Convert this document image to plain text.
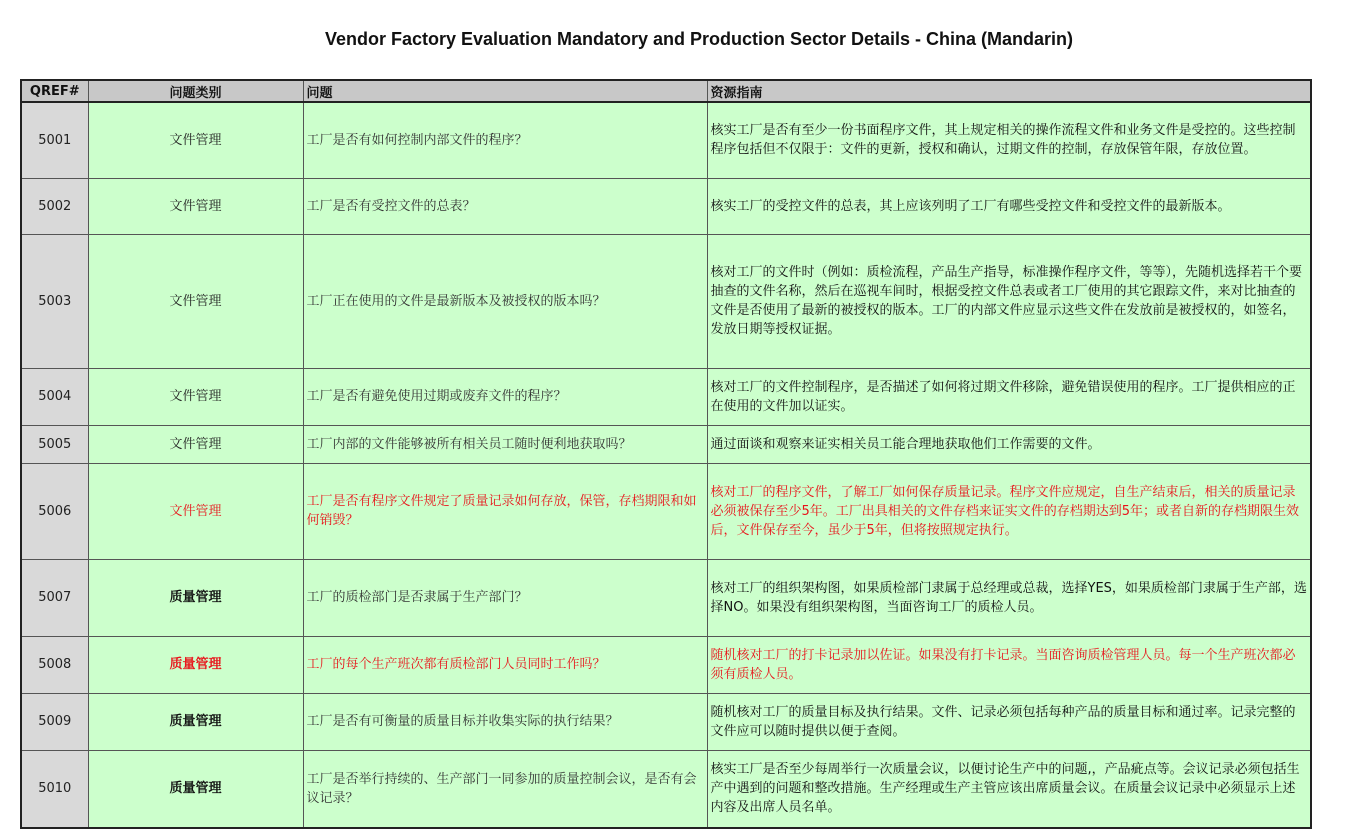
Vendor Factory Evaluation Mandatory and Production Sector Details - China (Mandarin)
QREF#	问题类别	问题	资源指南
5001	文件管理	工厂是否有如何控制内部文件的程序？	核实工厂是否有至少一份书面程序文件，其上规定相关的操作流程文件和业务文件是受控的。这些控制程序包括但不仅限于：文件的更新，授权和确认，过期文件的控制，存放保管年限，存放位置。
5002	文件管理	工厂是否有受控文件的总表？	核实工厂的受控文件的总表，其上应该列明了工厂有哪些受控文件和受控文件的最新版本。
5003	文件管理	工厂正在使用的文件是最新版本及被授权的版本吗？	核对工厂的文件时（例如：质检流程，产品生产指导，标准操作程序文件，等等），先随机选择若干个要抽查的文件名称，然后在巡视车间时，根据受控文件总表或者工厂使用的其它跟踪文件，来对比抽查的文件是否使用了最新的被授权的版本。工厂的内部文件应显示这些文件在发放前是被授权的，如签名，发放日期等授权证据。
5004	文件管理	工厂是否有避免使用过期或废弃文件的程序？	核对工厂的文件控制程序，是否描述了如何将过期文件移除，避免错误使用的程序。工厂提供相应的正在使用的文件加以证实。
5005	文件管理	工厂内部的文件能够被所有相关员工随时便利地获取吗？	通过面谈和观察来证实相关员工能合理地获取他们工作需要的文件。
5006	文件管理	工厂是否有程序文件规定了质量记录如何存放，保管，存档期限和如何销毁？	核对工厂的程序文件，了解工厂如何保存质量记录。程序文件应规定，自生产结束后，相关的质量记录必须被保存至少5年。工厂出具相关的文件存档来证实文件的存档期达到5年；或者自新的存档期限生效后，文件保存至今，虽少于5年，但将按照规定执行。
5007	质量管理	工厂的质检部门是否隶属于生产部门？	核对工厂的组织架构图，如果质检部门隶属于总经理或总裁，选择YES，如果质检部门隶属于生产部，选择NO。如果没有组织架构图，当面咨询工厂的质检人员。
5008	质量管理	工厂的每个生产班次都有质检部门人员同时工作吗？	随机核对工厂的打卡记录加以佐证。如果没有打卡记录。当面咨询质检管理人员。每一个生产班次都必须有质检人员。
5009	质量管理	工厂是否有可衡量的质量目标并收集实际的执行结果？	随机核对工厂的质量目标及执行结果。文件、记录必须包括每种产品的质量目标和通过率。记录完整的文件应可以随时提供以便于查阅。
5010	质量管理	工厂是否举行持续的、生产部门一同参加的质量控制会议，是否有会议记录？	核实工厂是否至少每周举行一次质量会议，以便讨论生产中的问题,，产品疵点等。会议记录必须包括生产中遇到的问题和整改措施。生产经理或生产主管应该出席质量会议。在质量会议记录中必须显示上述内容及出席人员名单。
